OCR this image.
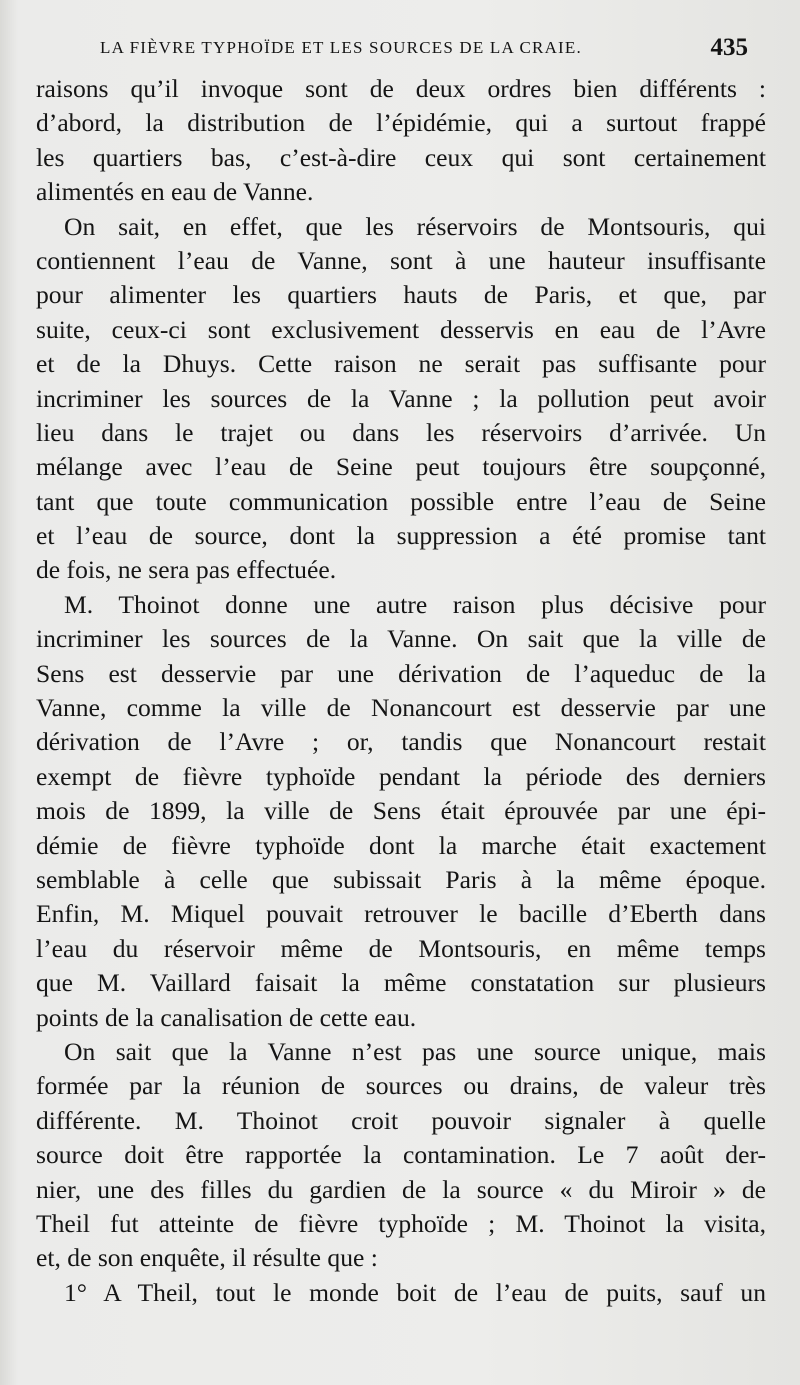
LA FIÈVRE TYPHOÏDE ET LES SOURCES DE LA CRAIE.	435
raisons qu’il invoque sont de deux ordres bien différents :
d’abord, la distribution de l’épidémie, qui a surtout frappé
les quartiers bas, c’est-à-dire ceux qui sont certainement
alimentés en eau de Vanne.
On sait, en effet, que les réservoirs de Montsouris, qui
contiennent l’eau de Vanne, sont à une hauteur insuffisante
pour alimenter les quartiers hauts de Paris, et que, par
suite, ceux-ci sont exclusivement desservis en eau de l’Avre
et de la Dhuys. Cette raison ne serait pas suffisante pour
incriminer les sources de la Vanne ; la pollution peut avoir
lieu dans le trajet ou dans les réservoirs d’arrivée. Un
mélange avec l’eau de Seine peut toujours être soupçonné,
tant que toute communication possible entre l’eau de Seine
et l’eau de source, dont la suppression a été promise tant
de fois, ne sera pas effectuée.
M. Thoinot donne une autre raison plus décisive pour
incriminer les sources de la Vanne. On sait que la ville de
Sens est desservie par une dérivation de l’aqueduc de la
Vanne, comme la ville de Nonancourt est desservie par une
dérivation de l’Avre ; or, tandis que Nonancourt restait
exempt de fièvre typhoïde pendant la période des derniers
mois de 1899, la ville de Sens était éprouvée par une épi-
démie de fièvre typhoïde dont la marche était exactement
semblable à celle que subissait Paris à la même époque.
Enfin, M. Miquel pouvait retrouver le bacille d’Eberth dans
l’eau du réservoir même de Montsouris, en même temps
que M. Vaillard faisait la même constatation sur plusieurs
points de la canalisation de cette eau.
On sait que la Vanne n’est pas une source unique, mais
formée par la réunion de sources ou drains, de valeur très
différente. M. Thoinot croit pouvoir signaler à quelle
source doit être rapportée la contamination. Le 7 août der-
nier, une des filles du gardien de la source « du Miroir » de
Theil fut atteinte de fièvre typhoïde ; M. Thoinot la visita,
et, de son enquête, il résulte que :
1° A Theil, tout le monde boit de l’eau de puits, sauf un
